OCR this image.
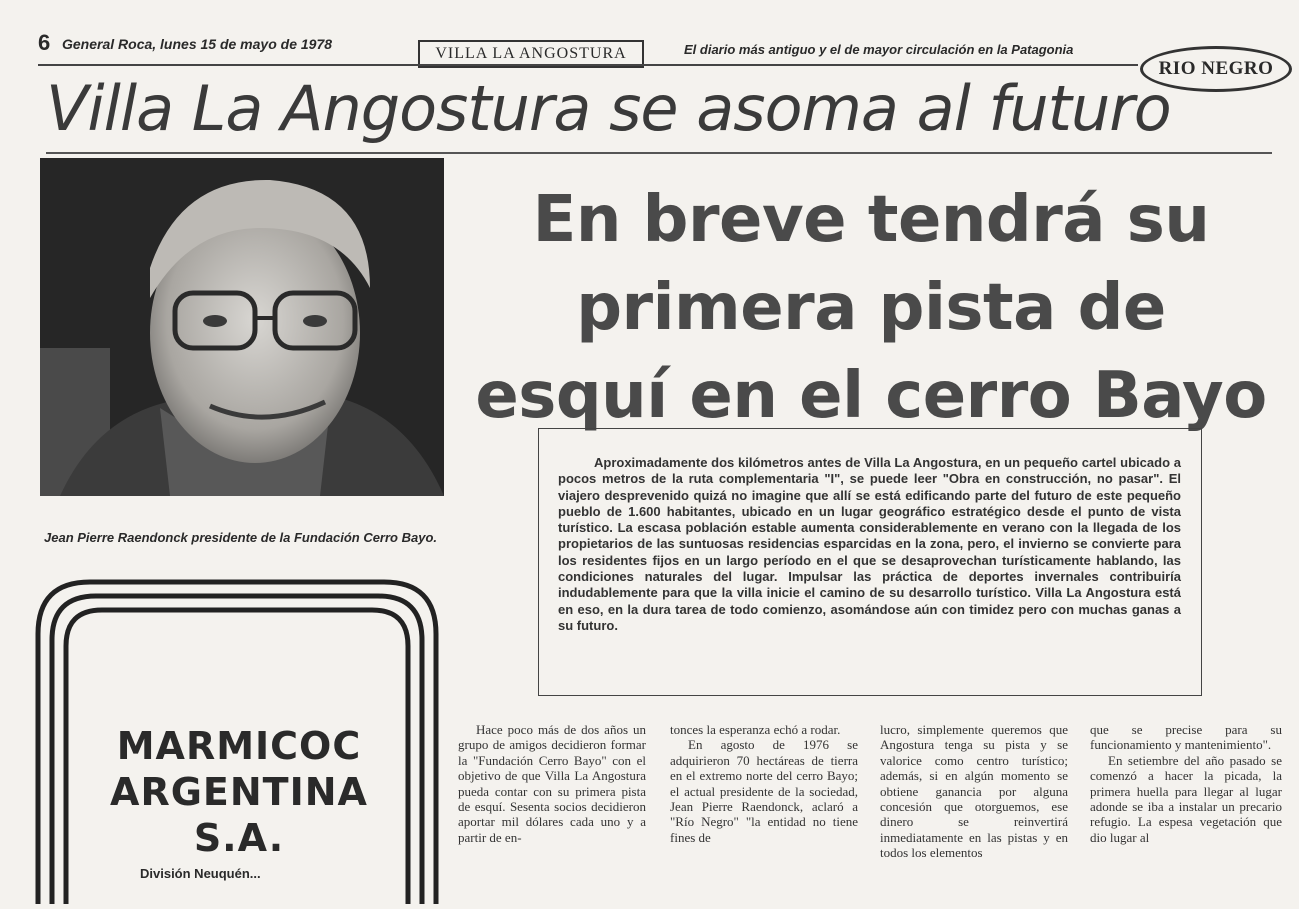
6 General Roca, lunes 15 de mayo de 1978
VILLA LA ANGOSTURA	El diario más antiguo y el de mayor circulación en la Patagonia
RIO NEGRO
Villa La Angostura se asoma al futuro
Jean Pierre Raendonck presidente de la Fundación Cerro Bayo.
En breve tendrá su
primera pista de
esquí en el cerro Bayo
Aproximadamente dos kilómetros antes de Villa La Angostura, en un pequeño cartel ubicado a pocos metros de la ruta complementaria "I", se puede leer "Obra en construcción, no pasar". El viajero desprevenido quizá no imagine que allí se está edificando parte del futuro de este pequeño pueblo de 1.600 habitantes, ubicado en un lugar geográfico estratégico desde el punto de vista turístico. La escasa población estable aumenta considerablemente en verano con la llegada de los propietarios de las suntuosas residencias esparcidas en la zona, pero, el invierno se convierte para los residentes fijos en un largo período en el que se desaprovechan turísticamente hablando, las condiciones naturales del lugar. Impulsar las práctica de deportes invernales contribuiría indudablemente para que la villa inicie el camino de su desarrollo turístico. Villa La Angostura está en eso, en la dura tarea de todo comienzo, asomándose aún con timidez pero con muchas ganas a su futuro.
MARMICOC
ARGENTINA
S.A.
División Neuquén...

Hace poco más de dos años un grupo de amigos decidieron formar la "Fundación Cerro Bayo" con el objetivo de que Villa La Angostura pueda contar con su primera pista de esquí. Sesenta socios decidieron aportar mil dólares cada uno y a partir de en-

tonces la esperanza echó a rodar.

En agosto de 1976 se adquirieron 70 hectáreas de tierra en el extremo norte del cerro Bayo; el actual presidente de la sociedad, Jean Pierre Raendonck, aclaró a "Río Negro" "la entidad no tiene fines de

lucro, simplemente queremos que Angostura tenga su pista y se valorice como centro turístico; además, si en algún momento se obtiene ganancia por alguna concesión que otorguemos, ese dinero se reinvertirá inmediatamente en las pistas y en todos los elementos

que se precise para su funcionamiento y mantenimiento".

En setiembre del año pasado se comenzó a hacer la picada, la primera huella para llegar al lugar adonde se iba a instalar un precario refugio. La espesa vegetación que dio lugar al
